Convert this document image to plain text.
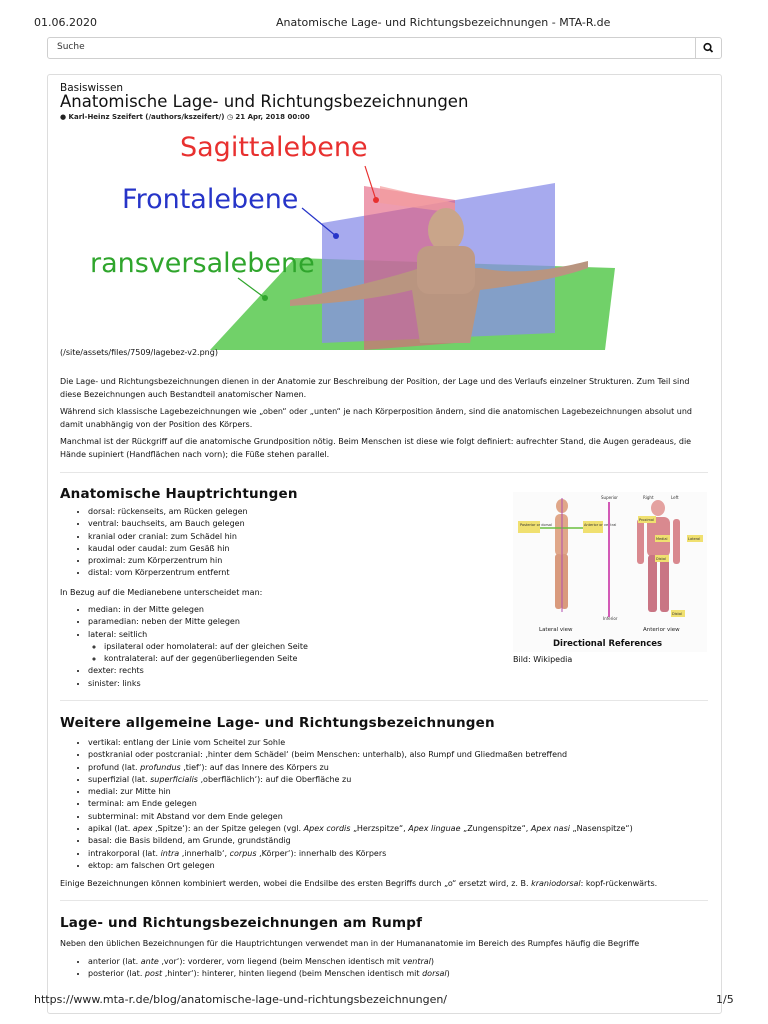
01.06.2020	Anatomische Lage- und Richtungsbezeichnungen - MTA-R.de
Suche
Basiswissen
Anatomische Lage- und Richtungsbezeichnungen
● Karl-Heinz Szeifert (/authors/kszeifert/) ◷ 21 Apr, 2018 00:00
Sagittalebene
Frontalebene
ransversalebene
(/site/assets/files/7509/lagebez-v2.png)

Die Lage- und Richtungsbezeichnungen dienen in der Anatomie zur Beschreibung der Position, der Lage und des Verlaufs einzelner Strukturen. Zum Teil sind diese Bezeichnungen auch Bestandteil anatomischer Namen.

Während sich klassische Lagebezeichnungen wie „oben“ oder „unten“ je nach Körperposition ändern, sind die anatomischen Lagebezeichnungen absolut und damit unabhängig von der Position des Körpers.

Manchmal ist der Rückgriff auf die anatomische Grundposition nötig. Beim Menschen ist diese wie folgt definiert: aufrechter Stand, die Augen geradeaus, die Hände supiniert (Handflächen nach vorn); die Füße stehen parallel.

Anatomische Hauptrichtungen
• dorsal: rückenseits, am Rücken gelegen
• ventral: bauchseits, am Bauch gelegen
• kranial oder cranial: zum Schädel hin
• kaudal oder caudal: zum Gesäß hin
• proximal: zum Körperzentrum hin
• distal: vom Körperzentrum entfernt

In Bezug auf die Medianebene unterscheidet man:

• median: in der Mitte gelegen
• paramedian: neben der Mitte gelegen
• lateral: seitlich
◦ ipsilateral oder homolateral: auf der gleichen Seite
◦ kontralateral: auf der gegenüberliegenden Seite
• dexter: rechts
• sinister: links
Posterior or dorsal	Anterior or ventral
Superior
Inferior
Right	Left
Proximal
Medial	Lateral
Distal
Distal
Lateral view	Anterior view
Directional References
Bild: Wikipedia
Weitere allgemeine Lage- und Richtungsbezeichnungen
• vertikal: entlang der Linie vom Scheitel zur Sohle
• postkranial oder postcranial: ‚hinter dem Schädel‘ (beim Menschen: unterhalb), also Rumpf und Gliedmaßen betreffend
• profund (lat. profundus ‚tief‘): auf das Innere des Körpers zu
• superfizial (lat. superficialis ‚oberflächlich‘): auf die Oberfläche zu
• medial: zur Mitte hin
• terminal: am Ende gelegen
• subterminal: mit Abstand vor dem Ende gelegen
• apikal (lat. apex ‚Spitze‘): an der Spitze gelegen (vgl. Apex cordis „Herzspitze“, Apex linguae „Zungenspitze“, Apex nasi „Nasenspitze“)
• basal: die Basis bildend, am Grunde, grundständig
• intrakorporal (lat. intra ‚innerhalb‘, corpus ‚Körper‘): innerhalb des Körpers
• ektop: am falschen Ort gelegen

Einige Bezeichnungen können kombiniert werden, wobei die Endsilbe des ersten Begriffs durch „o“ ersetzt wird, z. B. kraniodorsal: kopf-rückenwärts.

Lage- und Richtungsbezeichnungen am Rumpf

Neben den üblichen Bezeichnungen für die Hauptrichtungen verwendet man in der Humananatomie im Bereich des Rumpfes häufig die Begriffe

• anterior (lat. ante ‚vor‘): vorderer, vorn liegend (beim Menschen identisch mit ventral)
• posterior (lat. post ‚hinter‘): hinterer, hinten liegend (beim Menschen identisch mit dorsal)
https://www.mta-r.de/blog/anatomische-lage-und-richtungsbezeichnungen/	1/5
